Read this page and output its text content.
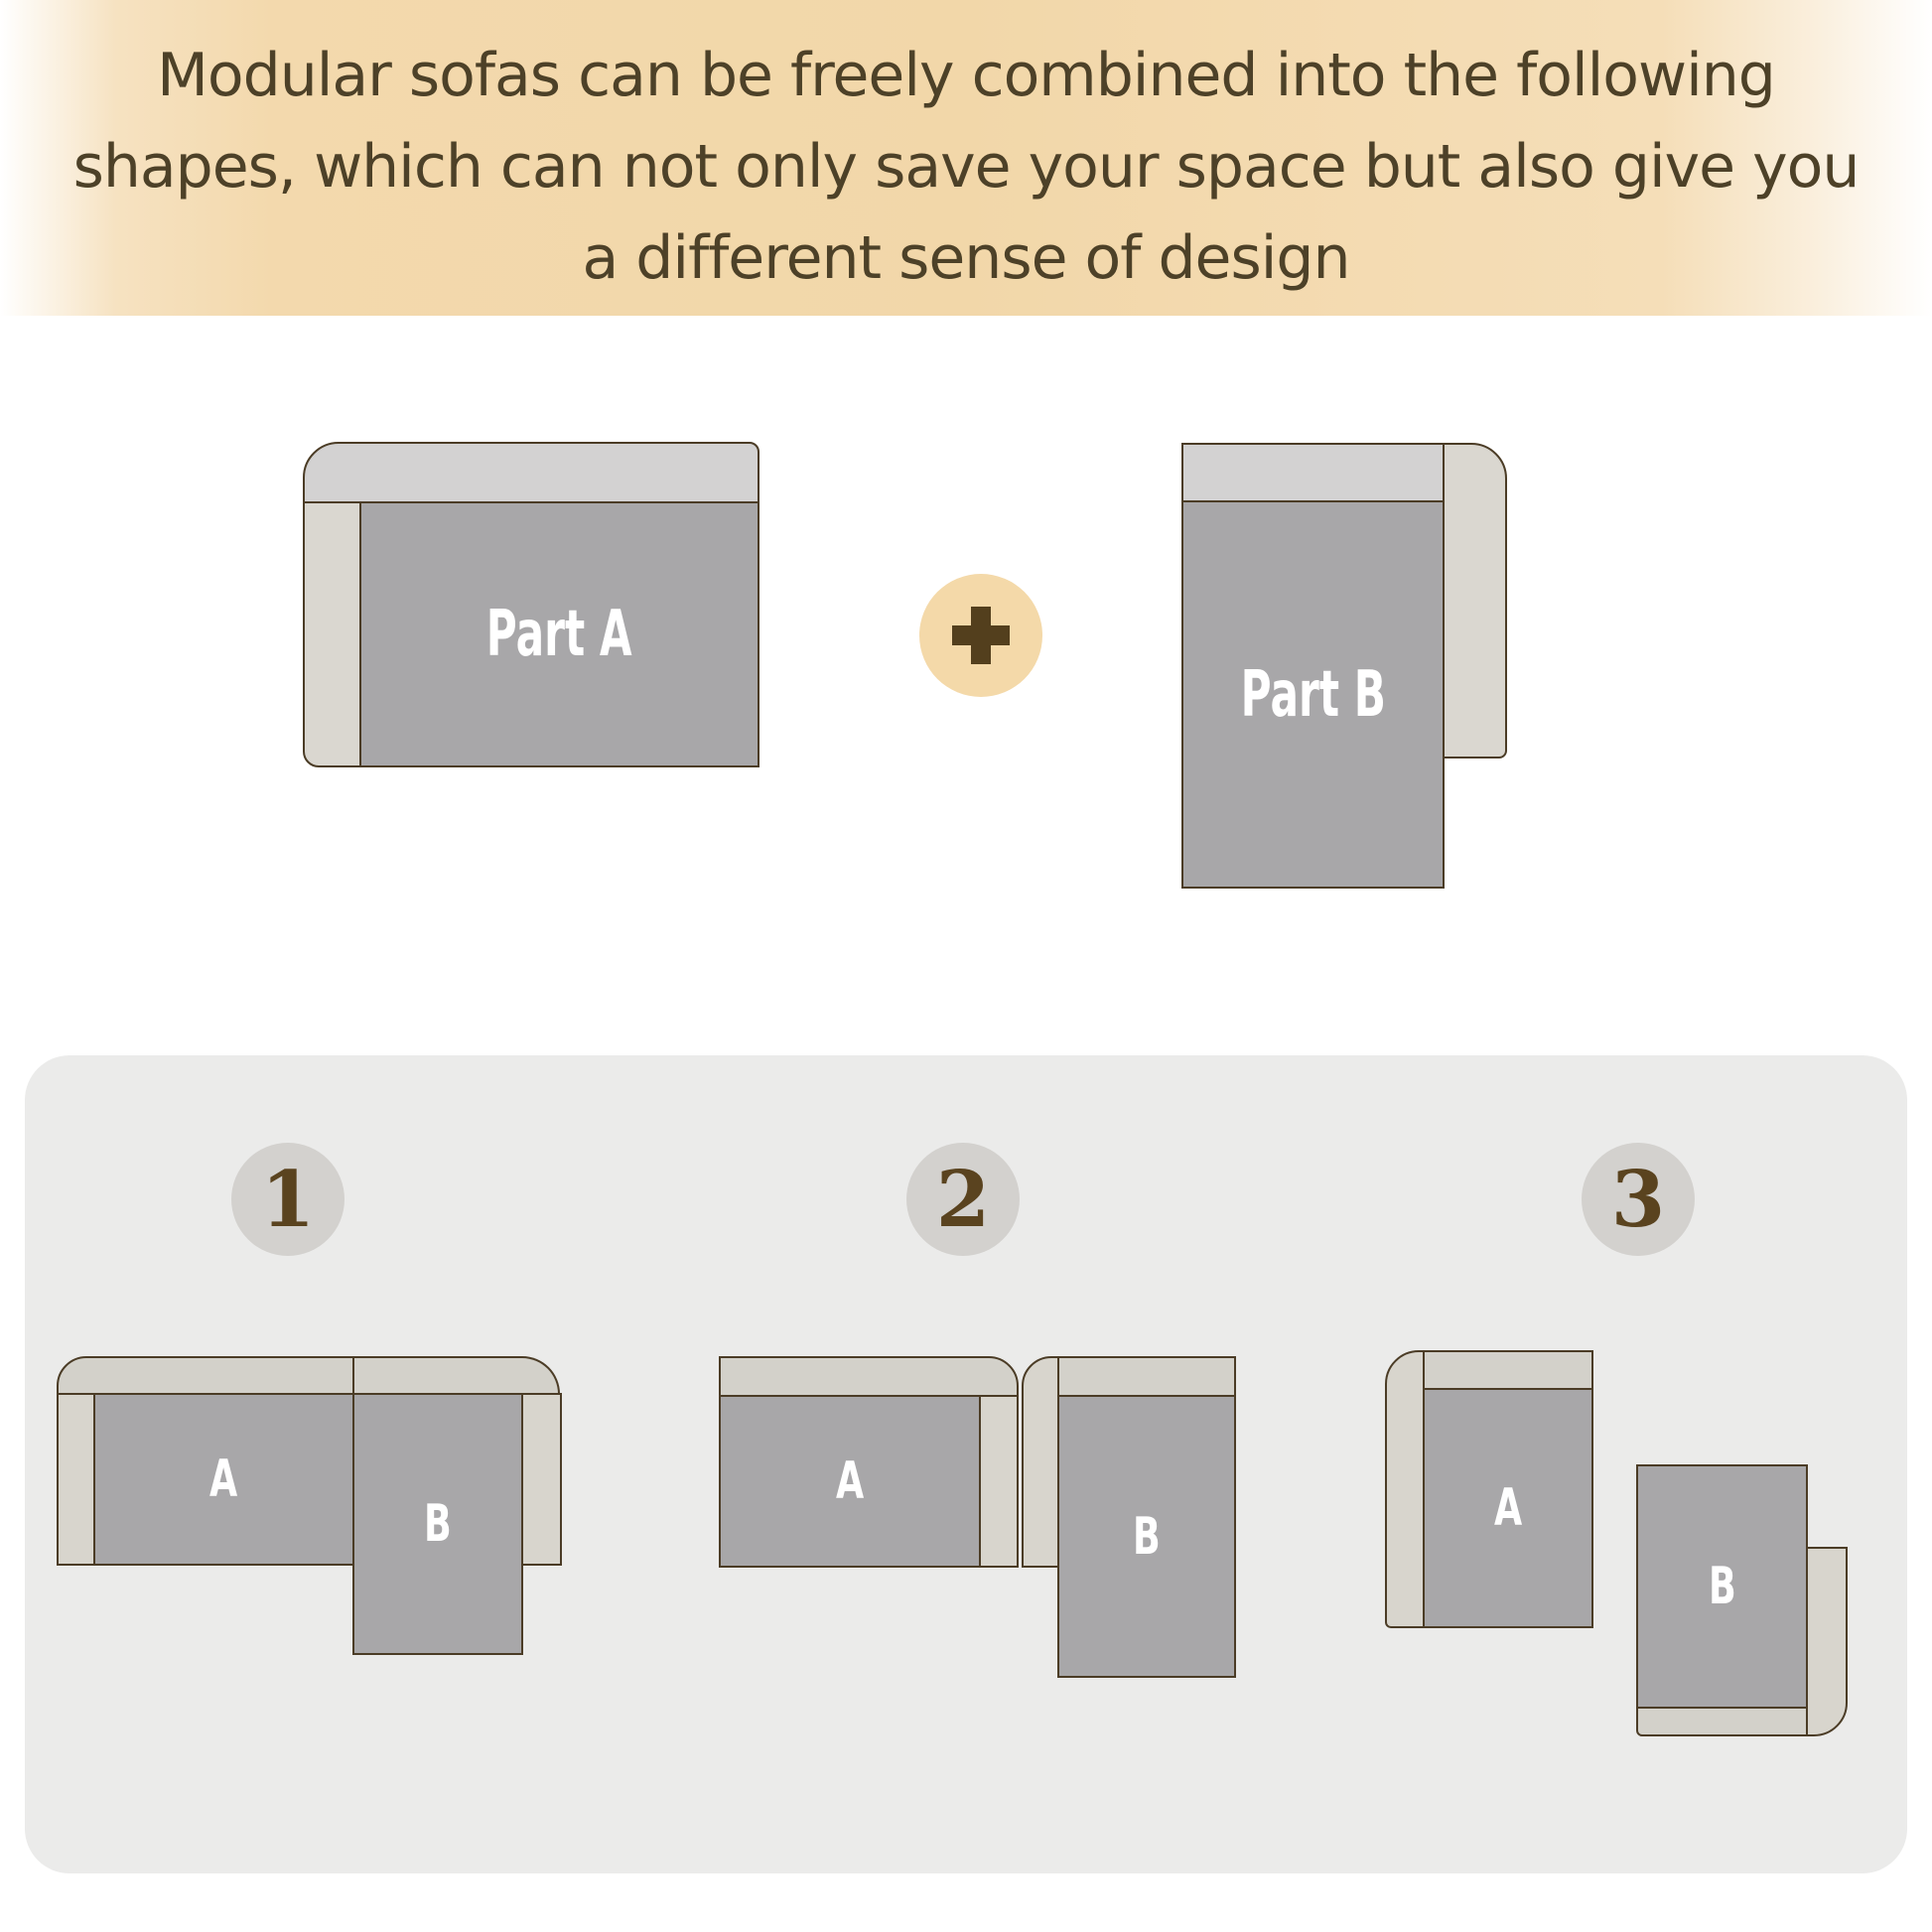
Modular sofas can be freely combined into the following
shapes, which can not only save your space but also give you
a different sense of design
Part A
Part B
1	2	3
A
B
A
B	A
B
